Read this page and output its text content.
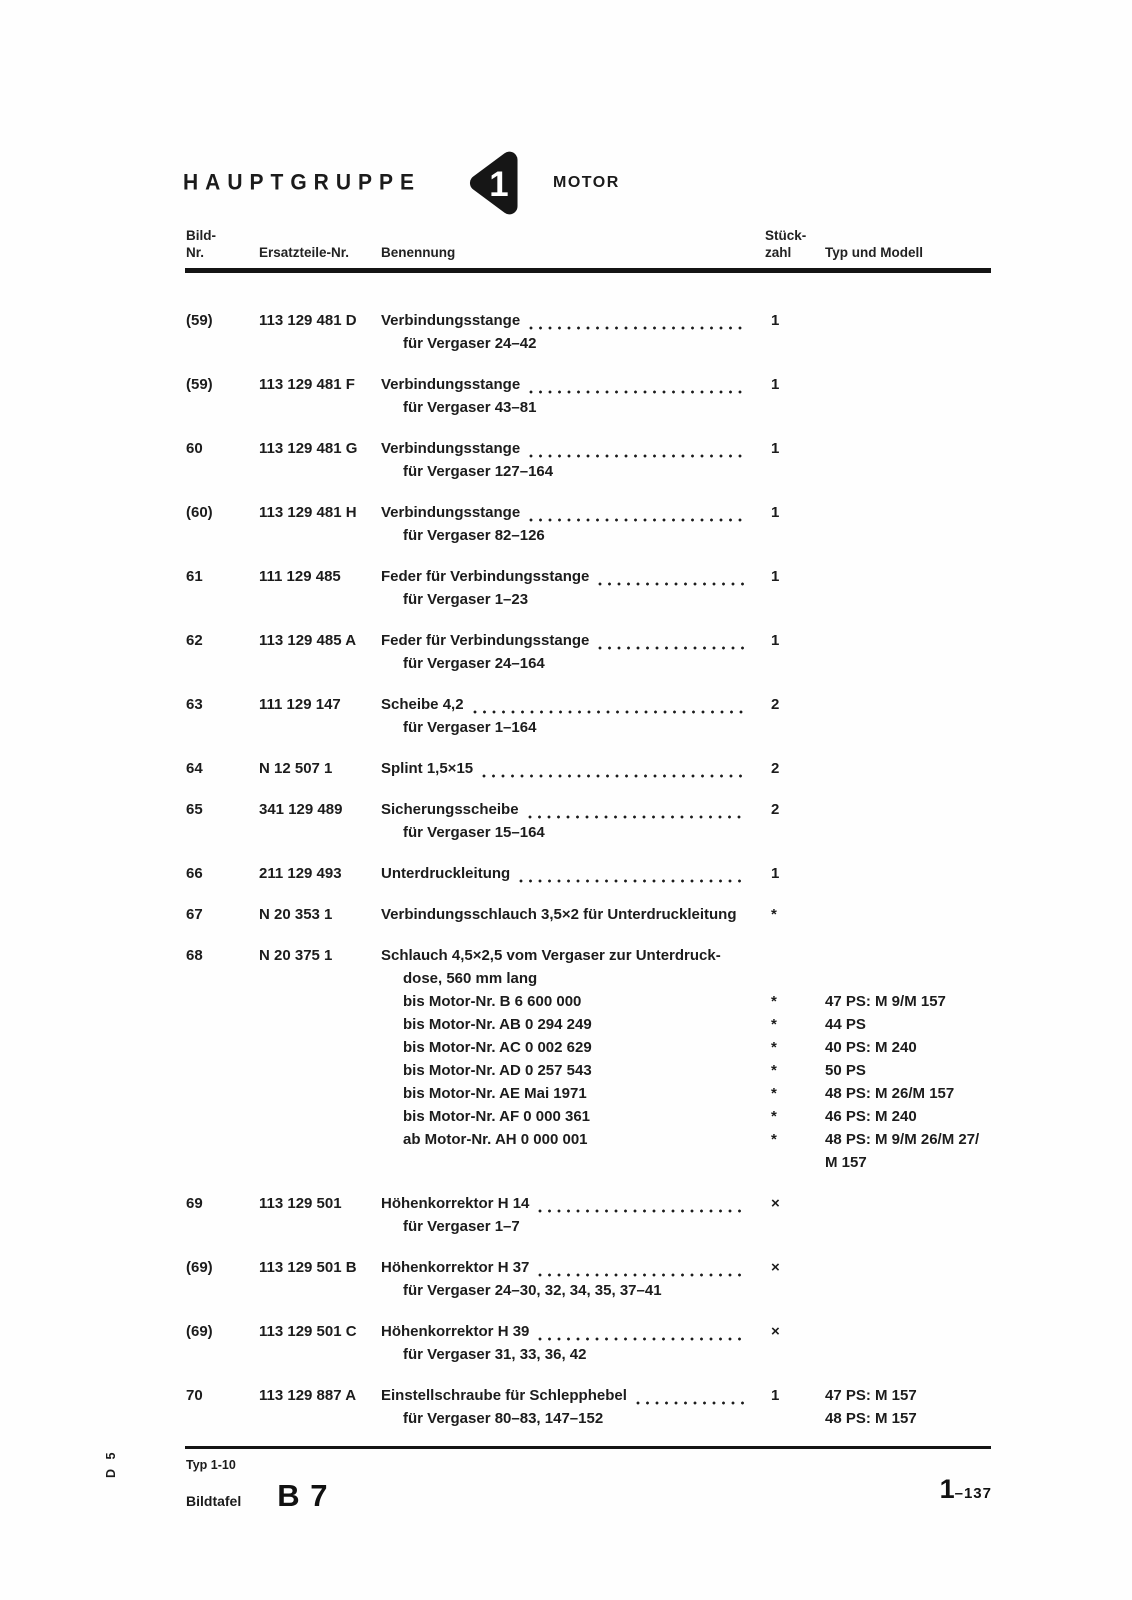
HAUPTGRUPPE 1	MOTOR
Bild-
Nr.	Ersatzteile-Nr.	Benennung
Stück-
zahl	Typ und Modell
(59)	113 129 481 D	Verbindungsstange	1
für Vergaser 24–42
(59)	113 129 481 F	Verbindungsstange	1
für Vergaser 43–81
60	113 129 481 G	Verbindungsstange	1
für Vergaser 127–164
(60)	113 129 481 H	Verbindungsstange	1
für Vergaser 82–126
61	111 129 485	Feder für Verbindungsstange	1
für Vergaser 1–23
62	113 129 485 A	Feder für Verbindungsstange	1
für Vergaser 24–164
63	111 129 147	Scheibe 4,2	2
für Vergaser 1–164
64	N 12 507 1	Splint 1,5×15	2
65	341 129 489	Sicherungsscheibe	2
für Vergaser 15–164
66	211 129 493	Unterdruckleitung	1
67	N 20 353 1	Verbindungsschlauch 3,5×2 für Unterdruckleitung	*
68	N 20 375 1	Schlauch 4,5×2,5 vom Vergaser zur Unterdruck-
dose, 560 mm lang
bis Motor-Nr. B 6 600 000	*	47 PS: M 9/M 157
bis Motor-Nr. AB 0 294 249	*	44 PS
bis Motor-Nr. AC 0 002 629	*	40 PS: M 240
bis Motor-Nr. AD 0 257 543	*	50 PS
bis Motor-Nr. AE Mai 1971	*	48 PS: M 26/M 157
bis Motor-Nr. AF 0 000 361	*	46 PS: M 240
ab Motor-Nr. AH 0 000 001	*	48 PS: M 9/M 26/M 27/
M 157
69	113 129 501	Höhenkorrektor H 14	×
für Vergaser 1–7
(69)	113 129 501 B	Höhenkorrektor H 37	×
für Vergaser 24–30, 32, 34, 35, 37–41
(69)	113 129 501 C	Höhenkorrektor H 39	×
für Vergaser 31, 33, 36, 42
70	113 129 887 A	Einstellschraube für Schlepphebel	1	47 PS: M 157
für Vergaser 80–83, 147–152	48 PS: M 157
Typ 1-10
Bildtafel B 7	1 –137
D 5
